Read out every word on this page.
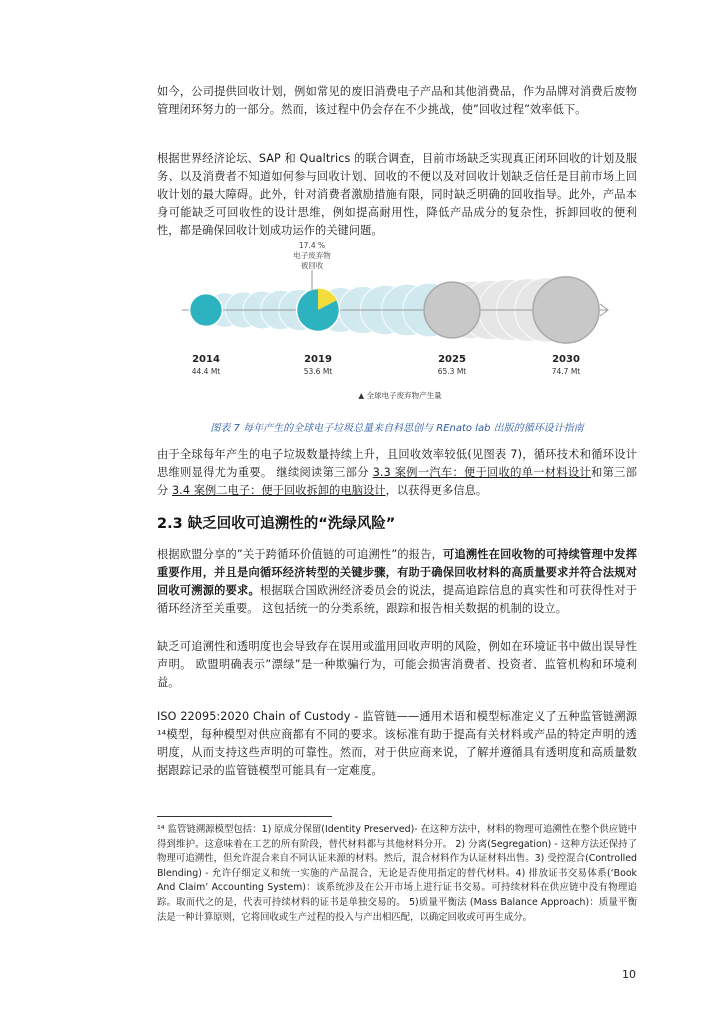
如今，公司提供回收计划，例如常见的废旧消费电子产品和其他消费品，作为品牌对消费后废物管理闭环努力的一部分。然而，该过程中仍会存在不少挑战，使”回收过程”效率低下。

根据世界经济论坛、SAP 和 Qualtrics 的联合调查，目前市场缺乏实现真正闭环回收的计划及服务、以及消费者不知道如何参与回收计划、回收的不便以及对回收计划缺乏信任是目前市场上回收计划的最大障碍。此外，针对消费者激励措施有限，同时缺乏明确的回收指导。此外，产品本身可能缺乏可回收性的设计思维，例如提高耐用性，降低产品成分的复杂性，拆卸回收的便利性，都是确保回收计划成功运作的关键问题。

17.4 %
电子废弃物
被回收
2014
44.4 Mt
2019
53.6 Mt
2025
65.3 Mt
2030
74.7 Mt
▲ 全球电子废弃物产生量

图表 7 每年产生的全球电子垃圾总量来自科思创与 REnato lab 出版的循环设计指南

由于全球每年产生的电子垃圾数量持续上升，且回收效率较低(见图表 7)，循环技术和循环设计思维则显得尤为重要。 继续阅读第三部分 3.3 案例一汽车：便于回收的单一材料设计和第三部分 3.4 案例二电子：便于回收拆卸的电脑设计，以获得更多信息。

2.3 缺乏回收可追溯性的“洗绿风险”

根据欧盟分享的”关于跨循环价值链的可追溯性”的报告，可追溯性在回收物的可持续管理中发挥重要作用，并且是向循环经济转型的关键步骤，有助于确保回收材料的高质量要求并符合法规对回收可溯源的要求。根据联合国欧洲经济委员会的说法，提高追踪信息的真实性和可获得性对于循环经济至关重要。 这包括统一的分类系统，跟踪和报告相关数据的机制的设立。

缺乏可追溯性和透明度也会导致存在误用或滥用回收声明的风险，例如在环境证书中做出误导性声明。 欧盟明确表示”漂绿”是一种欺骗行为，可能会损害消费者、投资者、监管机构和环境利益。

ISO 22095:2020 Chain of Custody - 监管链——通用术语和模型标准定义了五种监管链溯源¹⁴模型，每种模型对供应商都有不同的要求。该标准有助于提高有关材料或产品的特定声明的透明度，从而支持这些声明的可靠性。然而，对于供应商来说，了解并遵循具有透明度和高质量数据跟踪记录的监管链模型可能具有一定难度。

¹⁴ 监管链溯源模型包括：1) 原成分保留(Identity Preserved)- 在这种方法中，材料的物理可追溯性在整个供应链中得到维护。这意味着在工艺的所有阶段，替代材料都与其他材料分开。 2) 分离(Segregation) - 这种方法还保持了物理可追溯性，但允许混合来自不同认证来源的材料。然后，混合材料作为认证材料出售。3) 受控混合(Controlled Blending) - 允许仔细定义和统一实施的产品混合，无论是否使用指定的替代材料。4) 排放证书交易体系(‘Book And Claim’ Accounting System)：该系统涉及在公开市场上进行证书交易。可持续材料在供应链中没有物理追踪。取而代之的是，代表可持续材料的证书是单独交易的。 5)质量平衡法 (Mass Balance Approach)：质量平衡法是一种计算原则，它将回收或生产过程的投入与产出相匹配，以确定回收或可再生成分。

10
